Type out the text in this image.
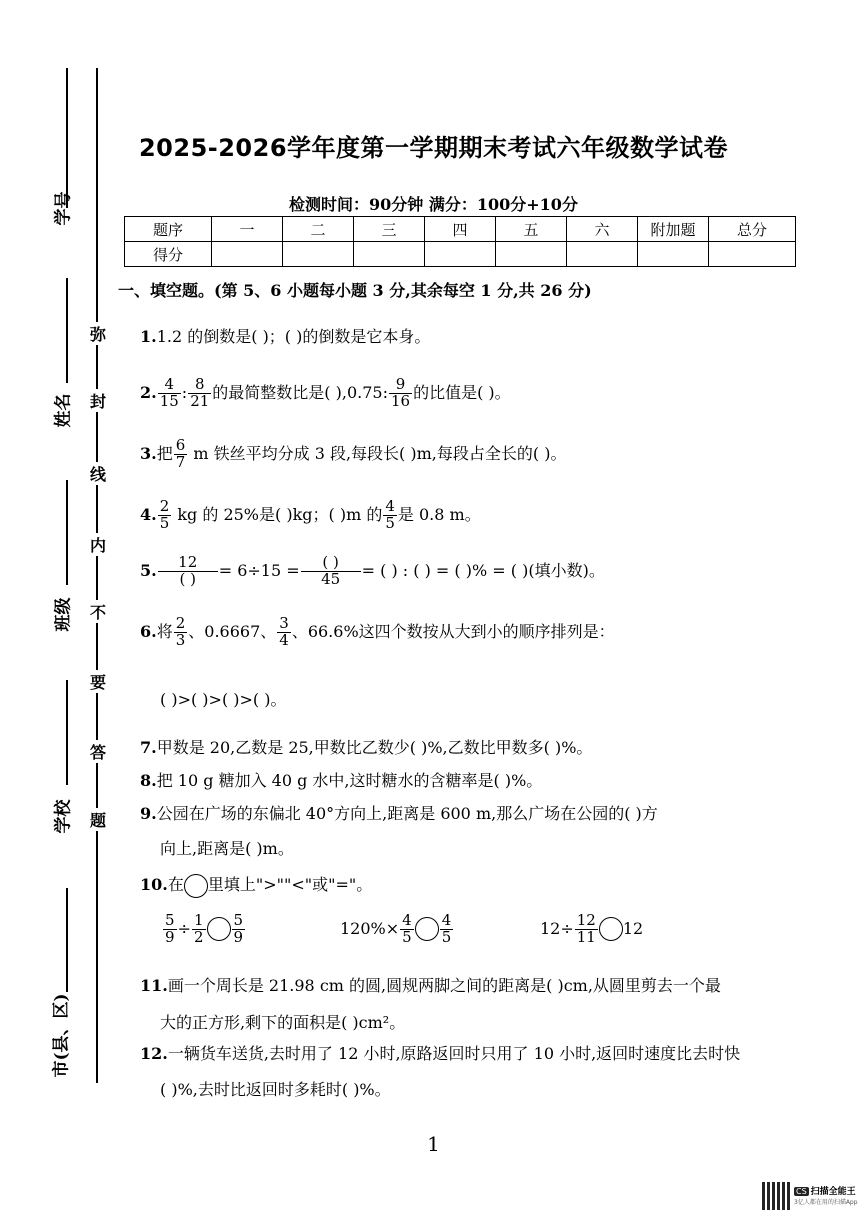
学号
姓名
班级
学校
市(县、区)
弥
封
线
内
不
要
答
题
2025-2026学年度第一学期期末考试六年级数学试卷
检测时间：90分钟 满分：100分+10分
题序	一	二	三	四	五	六	附加题	总分
得分								
一、填空题。(第 5、6 小题每小题 3 分,其余每空 1 分,共 26 分)
1.1.2 的倒数是( )；( )的倒数是它本身。
2. $\frac{4}{15}$ : $\frac{8}{21}$ 的最简整数比是( ),0.75: $\frac{9}{16}$ 的比值是( )。
3.把 $\frac{6}{7}$ m 铁丝平均分成 3 段,每段长( )m,每段占全长的( )。
4. $\frac{2}{5}$ kg 的 25%是( )kg；( )m 的 $\frac{4}{5}$ 是 0.8 m。
5. $\frac{12}{( )} = 6\div 15 = \frac{( )}{45}$ = ( ) : ( ) = ( )% = ( )(填小数)。
6.将 $\frac{2}{3}$ 、0.6667、 $\frac{3}{4}$ 、66.6%这四个数按从大到小的顺序排列是：
( )>( )>( )>( )。
7.甲数是 20,乙数是 25,甲数比乙数少( )%,乙数比甲数多( )%。
8.把 10 g 糖加入 40 g 水中,这时糖水的含糖率是( )%。
9.公园在广场的东偏北 40°方向上,距离是 600 m,那么广场在公园的( )方
向上,距离是( )m。
10.在 里填上">""<"或"="。
$\frac{5}{9} \div \frac{1}{2} \frac{5}{9}$	$120\%\times \frac{4}{5} \frac{4}{5}$	$12\div \frac{12}{11} 12$
11.画一个周长是 21.98 cm 的圆,圆规两脚之间的距离是( )cm,从圆里剪去一个最
大的正方形,剩下的面积是( )cm²。
12.一辆货车送货,去时用了 12 小时,原路返回时只用了 10 小时,返回时速度比去时快
( )%,去时比返回时多耗时( )%。
1
CS 扫描全能王
3亿人都在用的扫描App
